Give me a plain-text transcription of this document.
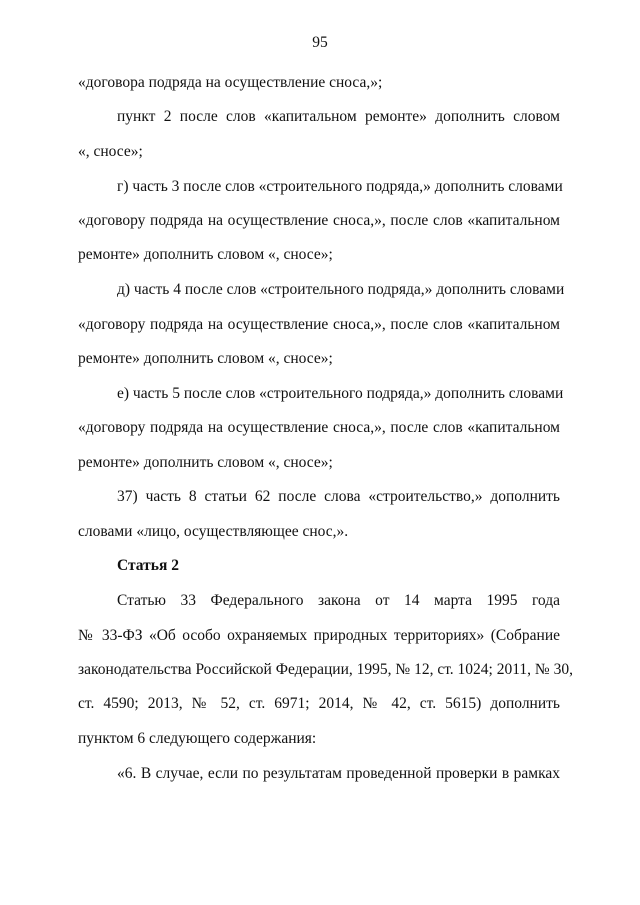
95
«договора подряда на осуществление сноса,»;
пункт 2 после слов «капитальном ремонте» дополнить словом
«, сносе»;
г) часть 3 после слов «строительного подряда,» дополнить словами
«договору подряда на осуществление сноса,», после слов «капитальном
ремонте» дополнить словом «, сносе»;
д) часть 4 после слов «строительного подряда,» дополнить словами
«договору подряда на осуществление сноса,», после слов «капитальном
ремонте» дополнить словом «, сносе»;
е) часть 5 после слов «строительного подряда,» дополнить словами
«договору подряда на осуществление сноса,», после слов «капитальном
ремонте» дополнить словом «, сносе»;
37) часть 8 статьи 62 после слова «строительство,» дополнить
словами «лицо, осуществляющее снос,».
Статья 2
Статью 33 Федерального закона от 14 марта 1995 года
№ 33-ФЗ «Об особо охраняемых природных территориях» (Собрание
законодательства Российской Федерации, 1995, № 12, ст. 1024; 2011, № 30,
ст. 4590; 2013, № 52, ст. 6971; 2014, № 42, ст. 5615) дополнить
пунктом 6 следующего содержания:
«6. В случае, если по результатам проведенной проверки в рамках
